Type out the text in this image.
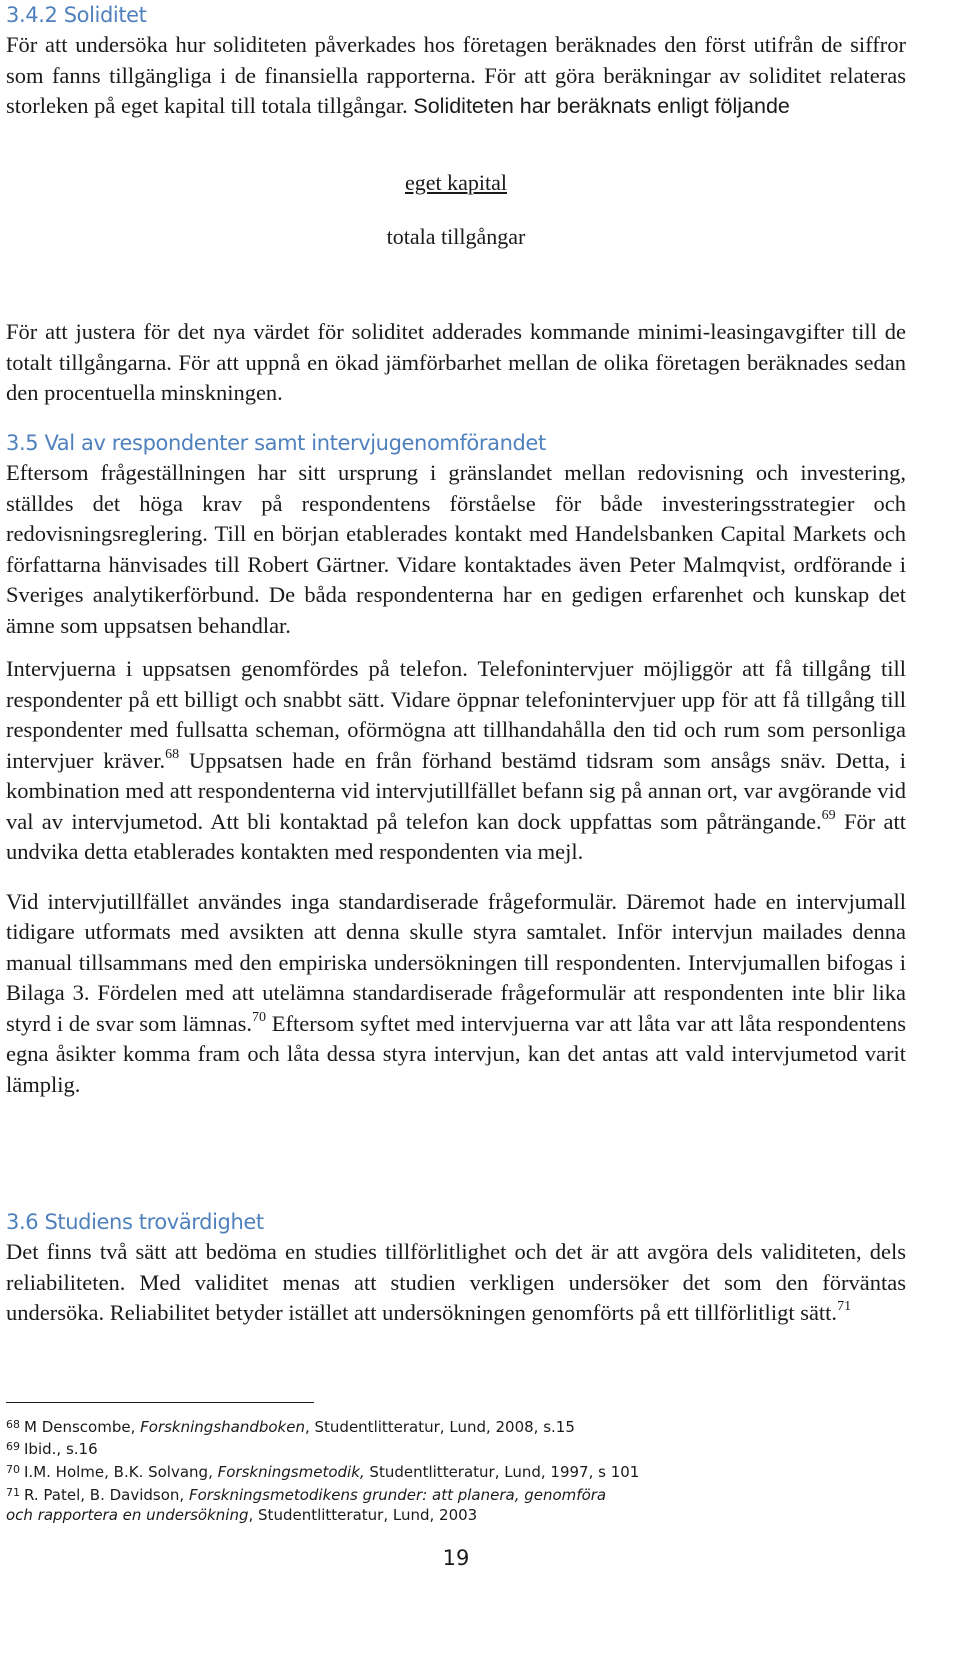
3.4.2 Soliditet

För att undersöka hur soliditeten påverkades hos företagen beräknades den först utifrån de siffror som fanns tillgängliga i de finansiella rapporterna. För att göra beräkningar av soliditet relateras storleken på eget kapital till totala tillgångar. Soliditeten har beräknats enligt följande

eget kapital
totala tillgångar

För att justera för det nya värdet för soliditet adderades kommande minimi-leasingavgifter till de totalt tillgångarna. För att uppnå en ökad jämförbarhet mellan de olika företagen beräknades sedan den procentuella minskningen.

3.5 Val av respondenter samt intervjugenomförandet

Eftersom frågeställningen har sitt ursprung i gränslandet mellan redovisning och investering, ställdes det höga krav på respondentens förståelse för både investeringsstrategier och redovisningsreglering. Till en början etablerades kontakt med Handelsbanken Capital Markets och författarna hänvisades till Robert Gärtner. Vidare kontaktades även Peter Malmqvist, ordförande i Sveriges analytikerförbund. De båda respondenterna har en gedigen erfarenhet och kunskap det ämne som uppsatsen behandlar.

Intervjuerna i uppsatsen genomfördes på telefon. Telefonintervjuer möjliggör att få tillgång till respondenter på ett billigt och snabbt sätt. Vidare öppnar telefonintervjuer upp för att få tillgång till respondenter med fullsatta scheman, oförmögna att tillhandahålla den tid och rum som personliga intervjuer kräver.$^{68}$ Uppsatsen hade en från förhand bestämd tidsram som ansågs snäv. Detta, i kombination med att respondenterna vid intervjutillfället befann sig på annan ort, var avgörande vid val av intervjumetod. Att bli kontaktad på telefon kan dock uppfattas som påträngande.$^{69}$ För att undvika detta etablerades kontakten med respondenten via mejl.

Vid intervjutillfället användes inga standardiserade frågeformulär. Däremot hade en intervjumall tidigare utformats med avsikten att denna skulle styra samtalet. Inför intervjun mailades denna manual tillsammans med den empiriska undersökningen till respondenten. Intervjumallen bifogas i Bilaga 3. Fördelen med att utelämna standardiserade frågeformulär att respondenten inte blir lika styrd i de svar som lämnas.$^{70}$ Eftersom syftet med intervjuerna var att låta var att låta respondentens egna åsikter komma fram och låta dessa styra intervjun, kan det antas att vald intervjumetod varit lämplig.

3.6 Studiens trovärdighet

Det finns två sätt att bedöma en studies tillförlitlighet och det är att avgöra dels validiteten, dels reliabiliteten. Med validitet menas att studien verkligen undersöker det som den förväntas undersöka. Reliabilitet betyder istället att undersökningen genomförts på ett tillförlitligt sätt.$^{71}$

$^{68}$ M Denscombe, Forskningshandboken, Studentlitteratur, Lund, 2008, s.15
$^{69}$ Ibid., s.16
$^{70}$ I.M. Holme, B.K. Solvang, Forskningsmetodik, Studentlitteratur, Lund, 1997, s 101
$^{71}$ R. Patel, B. Davidson, Forskningsmetodikens grunder: att planera, genomföra
och rapportera en undersökning, Studentlitteratur, Lund, 2003
19
